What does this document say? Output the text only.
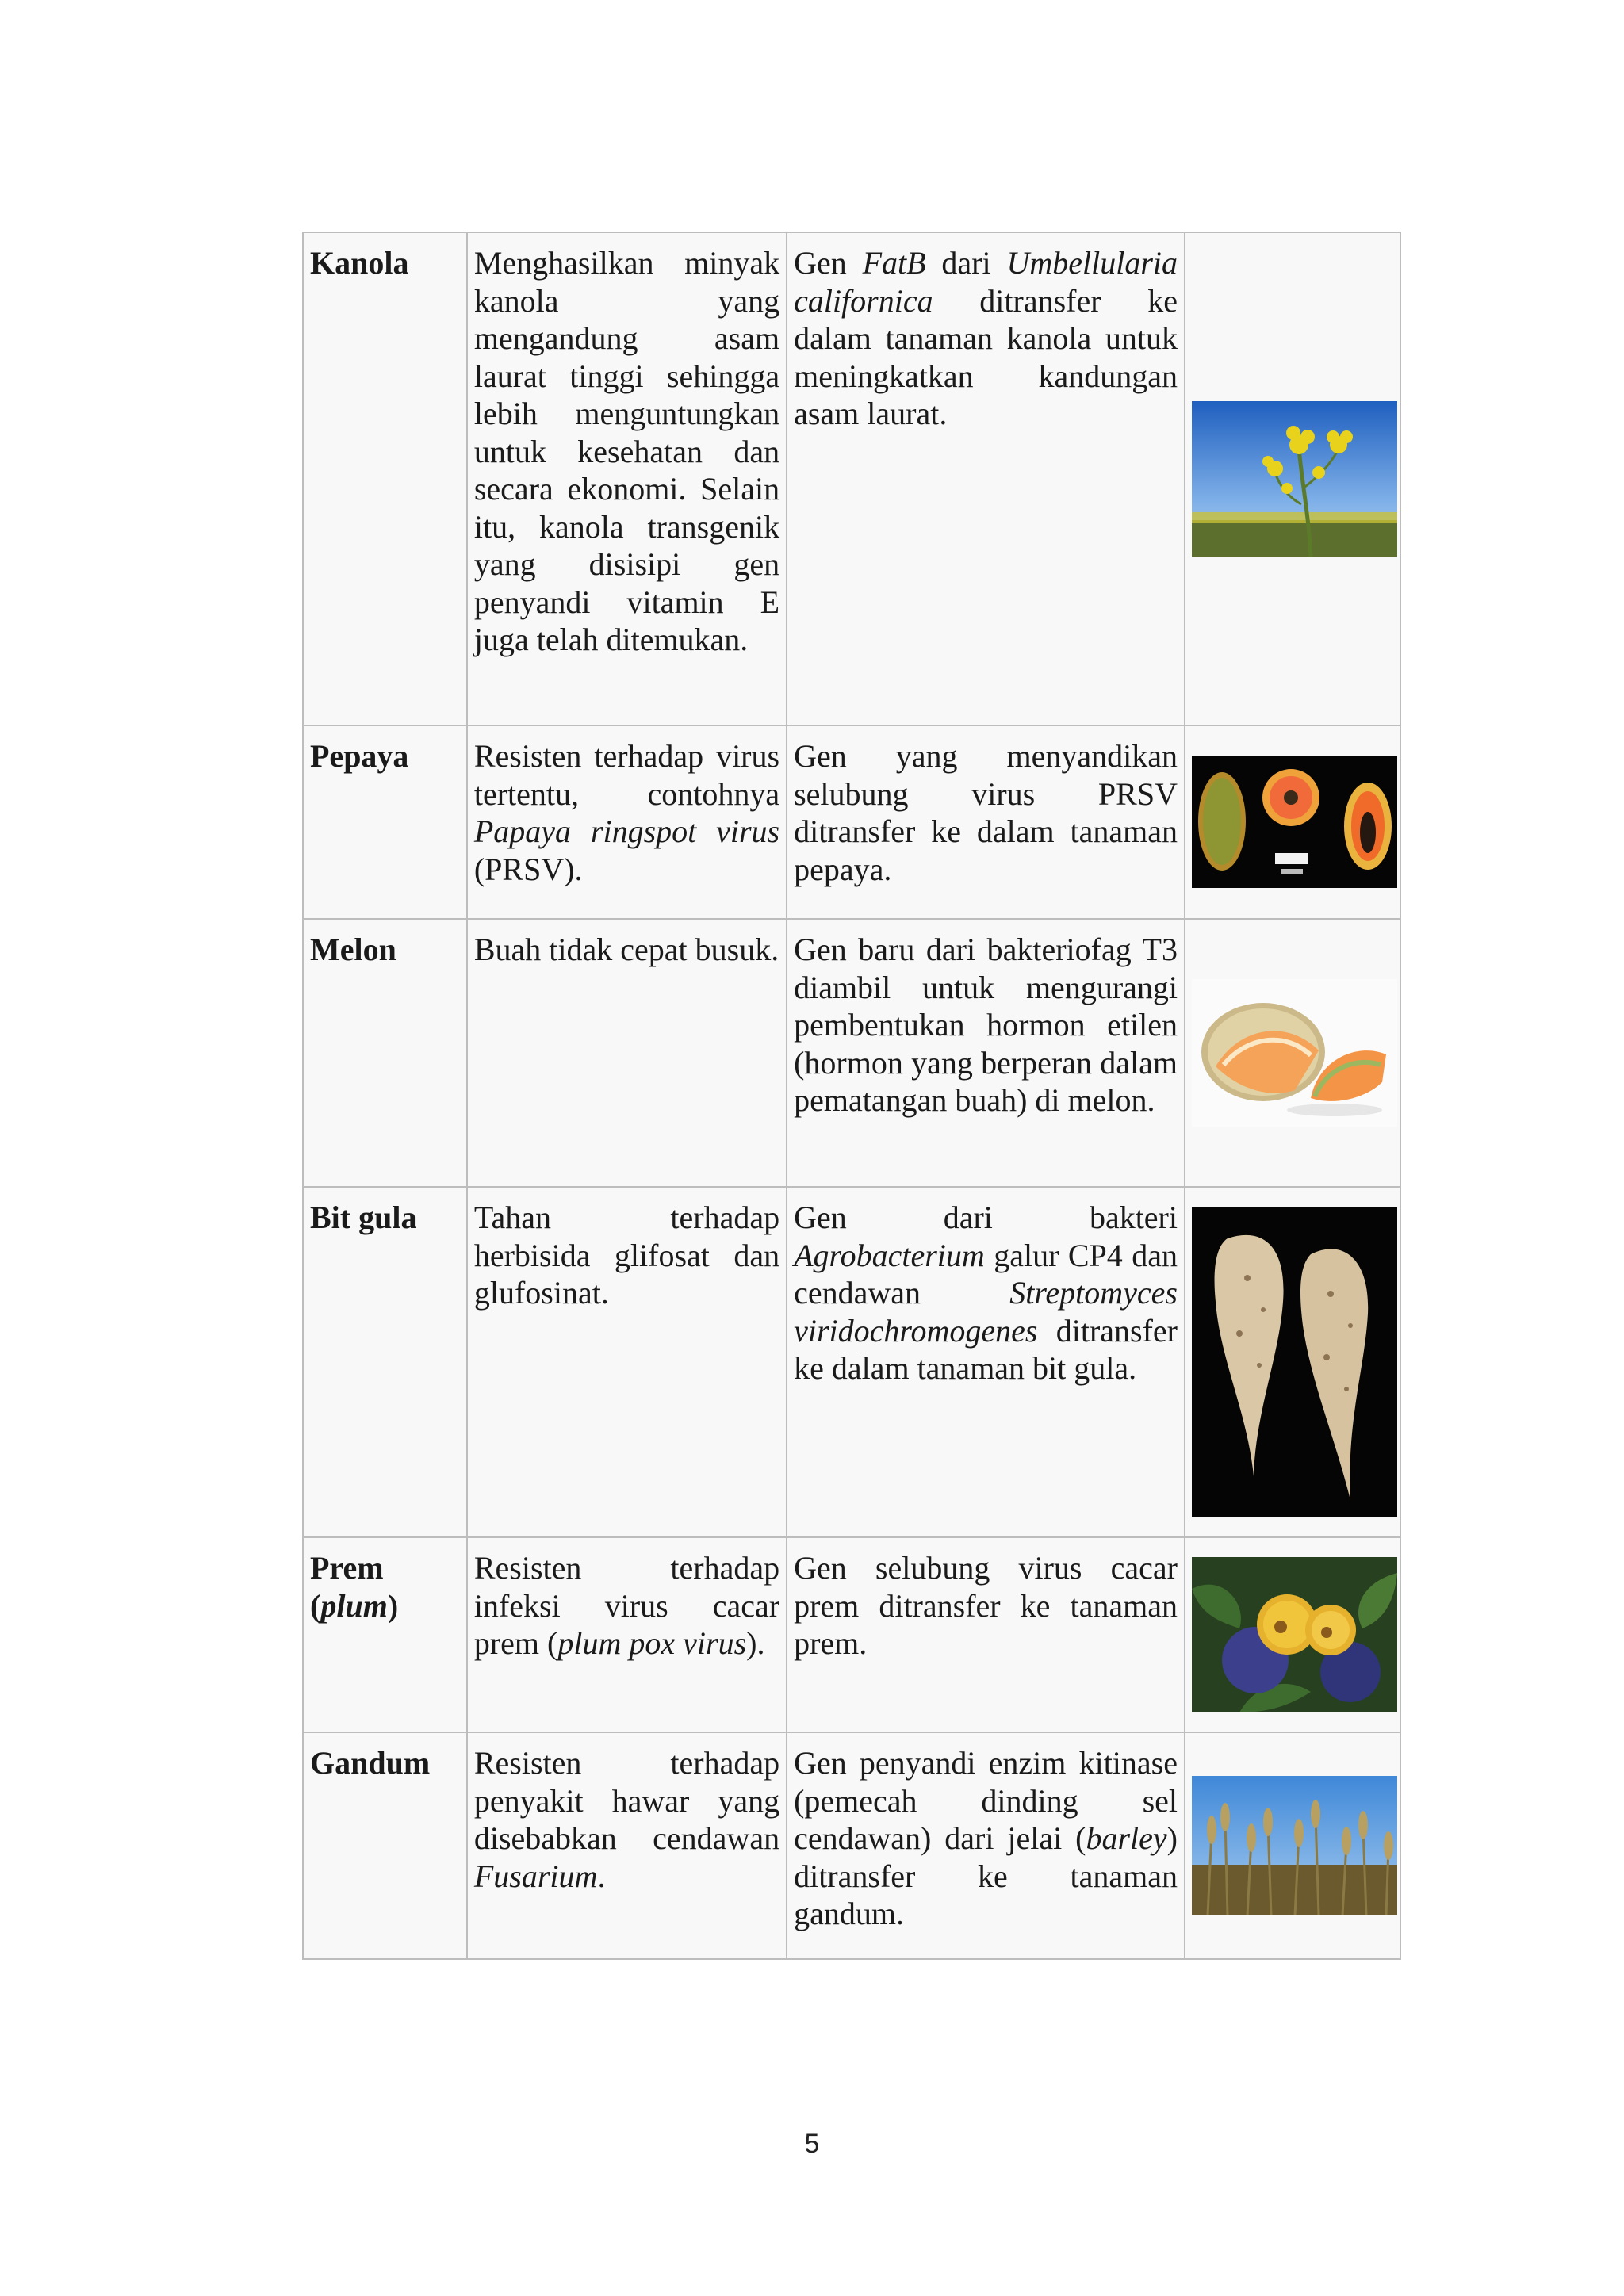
Kanola	Menghasilkan minyak kanola yang mengandung asam laurat tinggi sehingga lebih menguntungkan untuk kesehatan dan secara ekonomi. Selain itu, kanola transgenik yang disisipi gen penyandi vitamin E juga telah ditemukan.	Gen FatB dari Umbellularia californica ditransfer ke dalam tanaman kanola untuk meningkatkan kandungan asam laurat.	

Pepaya	Resisten terhadap virus tertentu, contohnya Papaya ringspot virus (PRSV).	Gen yang menyandikan selubung virus PRSV ditransfer ke dalam tanaman pepaya.	

Melon	Buah tidak cepat busuk.	Gen baru dari bakteriofag T3 diambil untuk mengurangi pembentukan hormon etilen (hormon yang berperan dalam pematangan buah) di melon.	

Bit gula	Tahan terhadap herbisida glifosat dan glufosinat.	Gen dari bakteri Agrobacterium galur CP4 dan cendawan Streptomyces viridochromogenes ditransfer ke dalam tanaman bit gula.	

Prem (plum)	Resisten terhadap infeksi virus cacar prem (plum pox virus).	Gen selubung virus cacar prem ditransfer ke tanaman prem.	

Gandum	Resisten terhadap penyakit hawar yang disebabkan cendawan Fusarium.	Gen penyandi enzim kitinase (pemecah dinding sel cendawan) dari jelai (barley) ditransfer ke tanaman gandum.	
5
